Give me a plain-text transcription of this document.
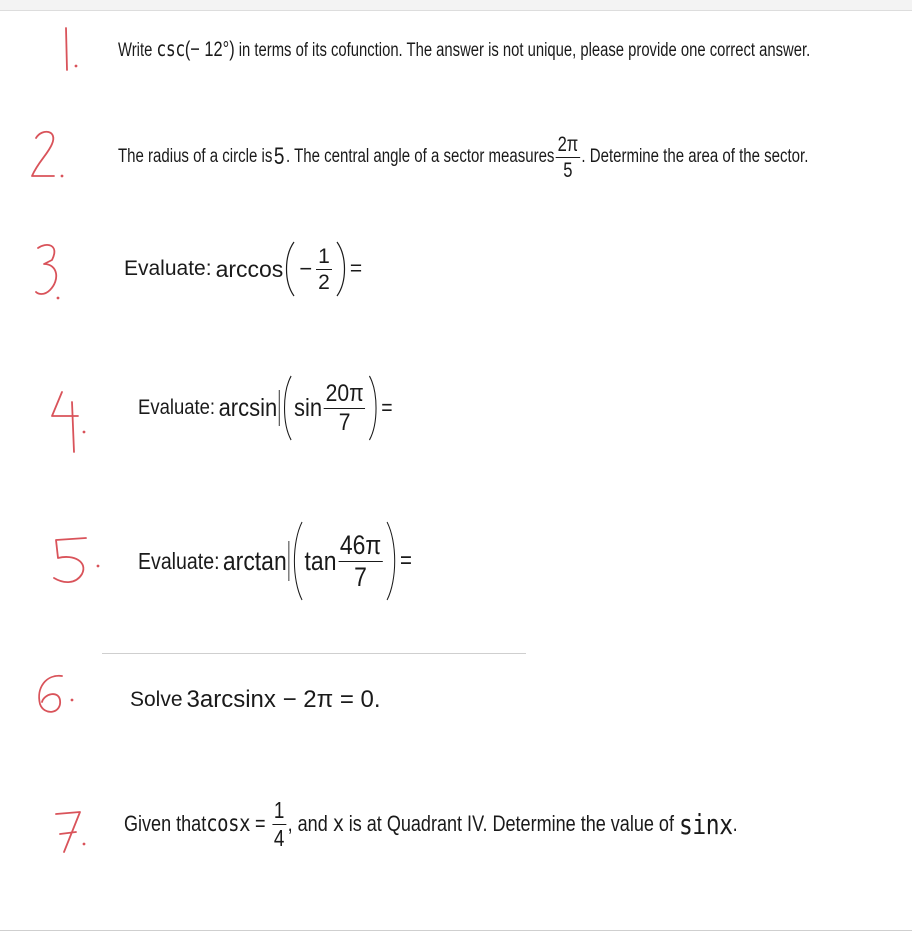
Write csc(− 12°) in terms of its cofunction. The answer is not unique, please provide one correct answer.
The radius of a circle is 5 . The central angle of a sector measures $\frac{2\pi}{5}$ . Determine the area of the sector.
Evaluate: $\arccos - \frac{1}{2}$ =
Evaluate: $\arcsin \sin \frac{20\pi}{7}$ =
Evaluate: $\arctan \tan \frac{46\pi}{7}$ =
Solve 3arcsinx − 2π = 0.
Given that $\cos x = \frac{1}{4}$ , and x is at Quadrant IV. Determine the value of sinx .
